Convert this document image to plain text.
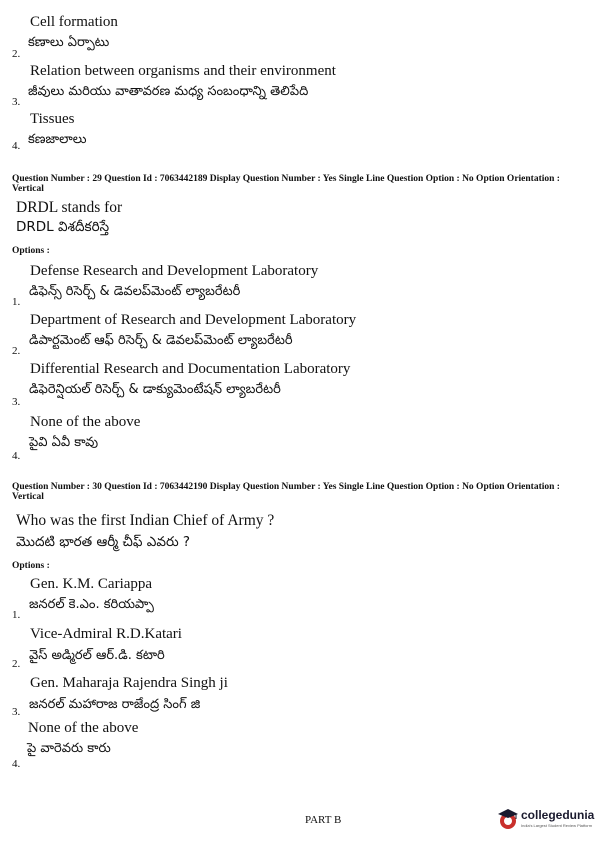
Cell formation
కణాలు ఏర్పాటు
2.
Relation between organisms and their environment
జీవులు మరియు వాతావరణ మధ్య సంబంధాన్ని తెలిపేది
3.
Tissues
కణజాలాలు
4.
Question Number : 29 Question Id : 7063442189 Display Question Number : Yes Single Line Question Option : No Option Orientation : Vertical
DRDL stands for
DRDL విశదీకరిస్తే
Options :
Defense Research and Development Laboratory
డిఫెన్స్ రిసెర్చ్ & డెవలప్‌మెంట్ ల్యాబరేటరీ
1.
Department of Research and Development Laboratory
డిపార్టమెంట్ ఆఫ్ రిసెర్చ్ & డెవలప్‌మెంట్ ల్యాబరేటరీ
2.
Differential Research and Documentation Laboratory
డిఫెరెన్షియల్ రిసెర్చ్ & డాక్యుమెంటేషన్ ల్యాబరేటరీ
3.
None of the above
పైవి ఏవీ కావు
4.
Question Number : 30 Question Id : 7063442190 Display Question Number : Yes Single Line Question Option : No Option Orientation : Vertical
Who was the first Indian Chief of Army ?
మొదటి భారత ఆర్మీ చీఫ్ ఎవరు ?
Options :
Gen. K.M. Cariappa
జనరల్ కె.ఎం. కరియప్పా
1.
Vice-Admiral R.D.Katari
వైస్ అడ్మిరల్ ఆర్.డి. కటారి
2.
Gen. Maharaja Rajendra Singh ji
జనరల్ మహారాజ రాజేంద్ర సింగ్ జి
3.
None of the above
పై వారెవరు కారు
4.
PART B	collegedunia
India's Largest Student Review Platform
